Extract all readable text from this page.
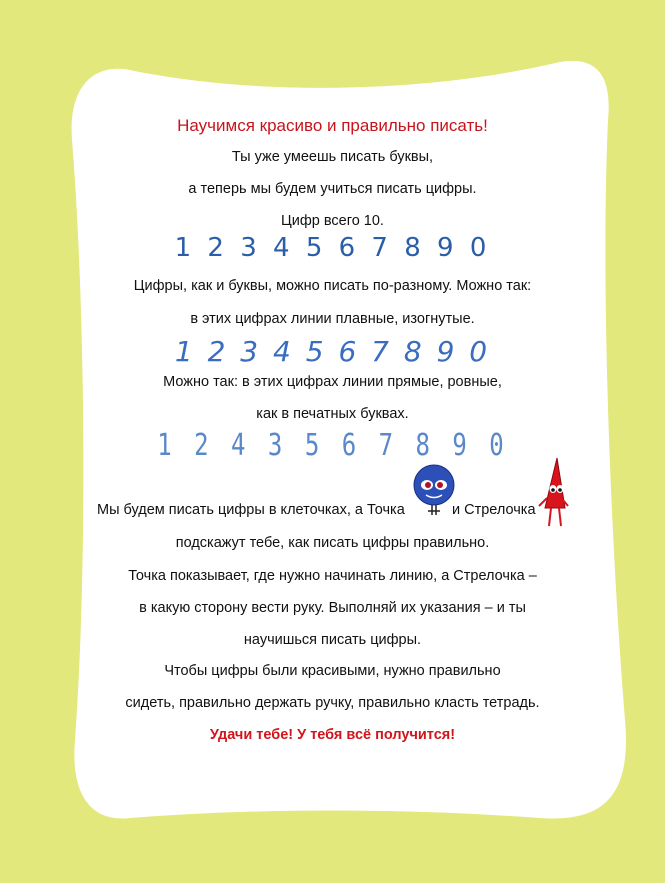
Научимся красиво и правильно писать!
Ты уже умеешь писать буквы,
а теперь мы будем учиться писать цифры.
Цифр всего 10.
1 2 3 4 5 6 7 8 9 0
Цифры, как и буквы, можно писать по-разному. Можно так:
в этих цифрах линии плавные, изогнутые.
1 2 3 4 5 6 7 8 9 0
Можно так: в этих цифрах линии прямые, ровные,
как в печатных буквах.
1 2 4 3 5 6 7 8 9 0
Мы будем писать цифры в клеточках, а Точка	и Стрелочка
подскажут тебе, как писать цифры правильно.
Точка показывает, где нужно начинать линию, а Стрелочка –
в какую сторону вести руку. Выполняй их указания – и ты
научишься писать цифры.
Чтобы цифры были красивыми, нужно правильно
сидеть, правильно держать ручку, правильно класть тетрадь.
Удачи тебе! У тебя всё получится!
